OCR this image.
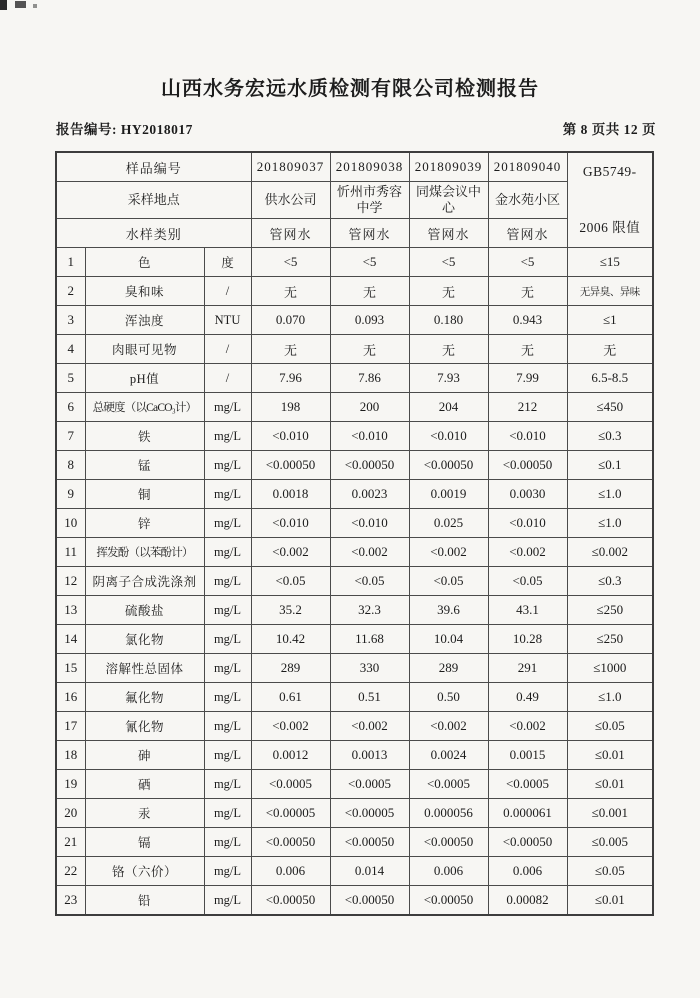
山西水务宏远水质检测有限公司检测报告
报告编号: HY2018017	第 8 页共 12 页
样品编号			201809037	201809038	201809039	201809040	GB5749-
2006 限值

采样地点			供水公司	忻州市秀容中学	同煤会议中心	金水苑小区	
水样类别			管网水	管网水	管网水	管网水	
1	色	度	<5	<5	<5	<5	≤15
2	臭和味	/	无	无	无	无	无异臭、异味
3	浑浊度	NTU	0.070	0.093	0.180	0.943	≤1
4	肉眼可见物	/	无	无	无	无	无
5	pH值	/	7.96	7.86	7.93	7.99	6.5-8.5
6	总硬度（以CaCO₃计）	mg/L	198	200	204	212	≤450
7	铁	mg/L	<0.010	<0.010	<0.010	<0.010	≤0.3
8	锰	mg/L	<0.00050	<0.00050	<0.00050	<0.00050	≤0.1
9	铜	mg/L	0.0018	0.0023	0.0019	0.0030	≤1.0
10	锌	mg/L	<0.010	<0.010	0.025	<0.010	≤1.0
11	挥发酚（以苯酚计）	mg/L	<0.002	<0.002	<0.002	<0.002	≤0.002
12	阴离子合成洗涤剂	mg/L	<0.05	<0.05	<0.05	<0.05	≤0.3
13	硫酸盐	mg/L	35.2	32.3	39.6	43.1	≤250
14	氯化物	mg/L	10.42	11.68	10.04	10.28	≤250
15	溶解性总固体	mg/L	289	330	289	291	≤1000
16	氟化物	mg/L	0.61	0.51	0.50	0.49	≤1.0
17	氰化物	mg/L	<0.002	<0.002	<0.002	<0.002	≤0.05
18	砷	mg/L	0.0012	0.0013	0.0024	0.0015	≤0.01
19	硒	mg/L	<0.0005	<0.0005	<0.0005	<0.0005	≤0.01
20	汞	mg/L	<0.00005	<0.00005	0.000056	0.000061	≤0.001
21	镉	mg/L	<0.00050	<0.00050	<0.00050	<0.00050	≤0.005
22	铬（六价）	mg/L	0.006	0.014	0.006	0.006	≤0.05
23	铅	mg/L	<0.00050	<0.00050	<0.00050	0.00082	≤0.01
